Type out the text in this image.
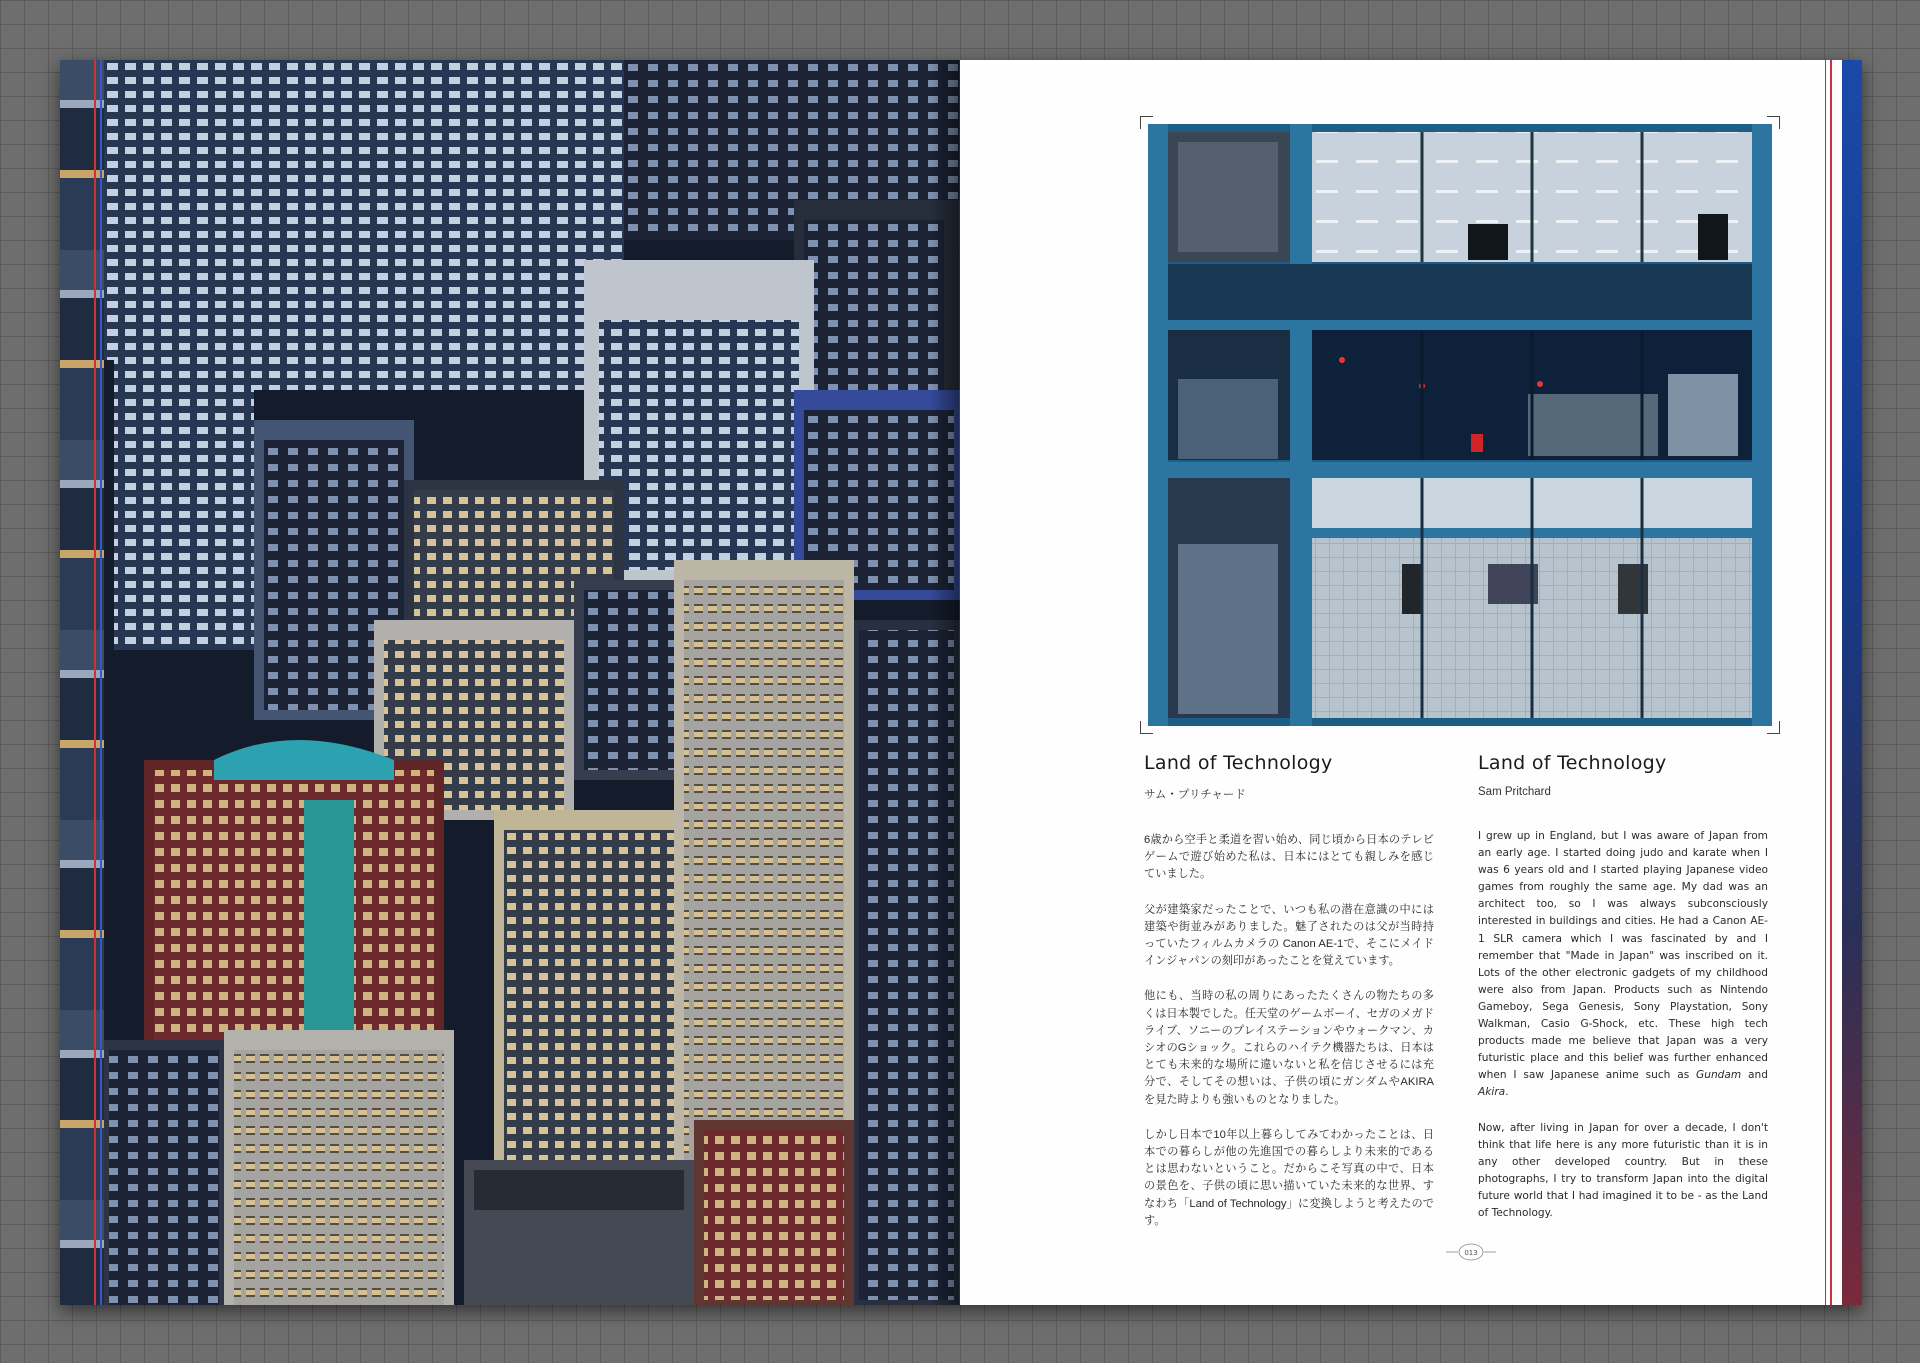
Land of Technology

サム・プリチャード

6歳から空手と柔道を習い始め、同じ頃から日本のテレビゲームで遊び始めた私は、日本にはとても親しみを感じていました。

父が建築家だったことで、いつも私の潜在意識の中には建築や街並みがありました。魅了されたのは父が当時持っていたフィルムカメラの Canon AE-1で、そこにメイドインジャパンの刻印があったことを覚えています。

他にも、当時の私の周りにあったたくさんの物たちの多くは日本製でした。任天堂のゲームボーイ、セガのメガドライブ、ソニーのプレイステーションやウォークマン、カシオのGショック。これらのハイテク機器たちは、日本はとても未来的な場所に違いないと私を信じさせるには充分で、そしてその想いは、子供の頃にガンダムやAKIRAを見た時よりも強いものとなりました。

しかし日本で10年以上暮らしてみてわかったことは、日本での暮らしが他の先進国での暮らしより未来的であるとは思わないということ。だからこそ写真の中で、日本の景色を、子供の頃に思い描いていた未来的な世界、すなわち「Land of Technology」に変換しようと考えたのです。

Land of Technology

Sam Pritchard

I grew up in England, but I was aware of Japan from an early age. I started doing judo and karate when I was 6 years old and I started playing Japanese video games from roughly the same age. My dad was an architect too, so I was always subconsciously interested in buildings and cities. He had a Canon AE-1 SLR camera which I was fascinated by and I remember that "Made in Japan" was inscribed on it. Lots of the other electronic gadgets of my childhood were also from Japan. Products such as Nintendo Gameboy, Sega Genesis, Sony Playstation, Sony Walkman, Casio G-Shock, etc. These high tech products made me believe that Japan was a very futuristic place and this belief was further enhanced when I saw Japanese anime such as Gundam and Akira.

Now, after living in Japan for over a decade, I don't think that life here is any more futuristic than it is in any other developed country. But in these photographs, I try to transform Japan into the digital future world that I had imagined it to be - as the Land of Technology.

013
